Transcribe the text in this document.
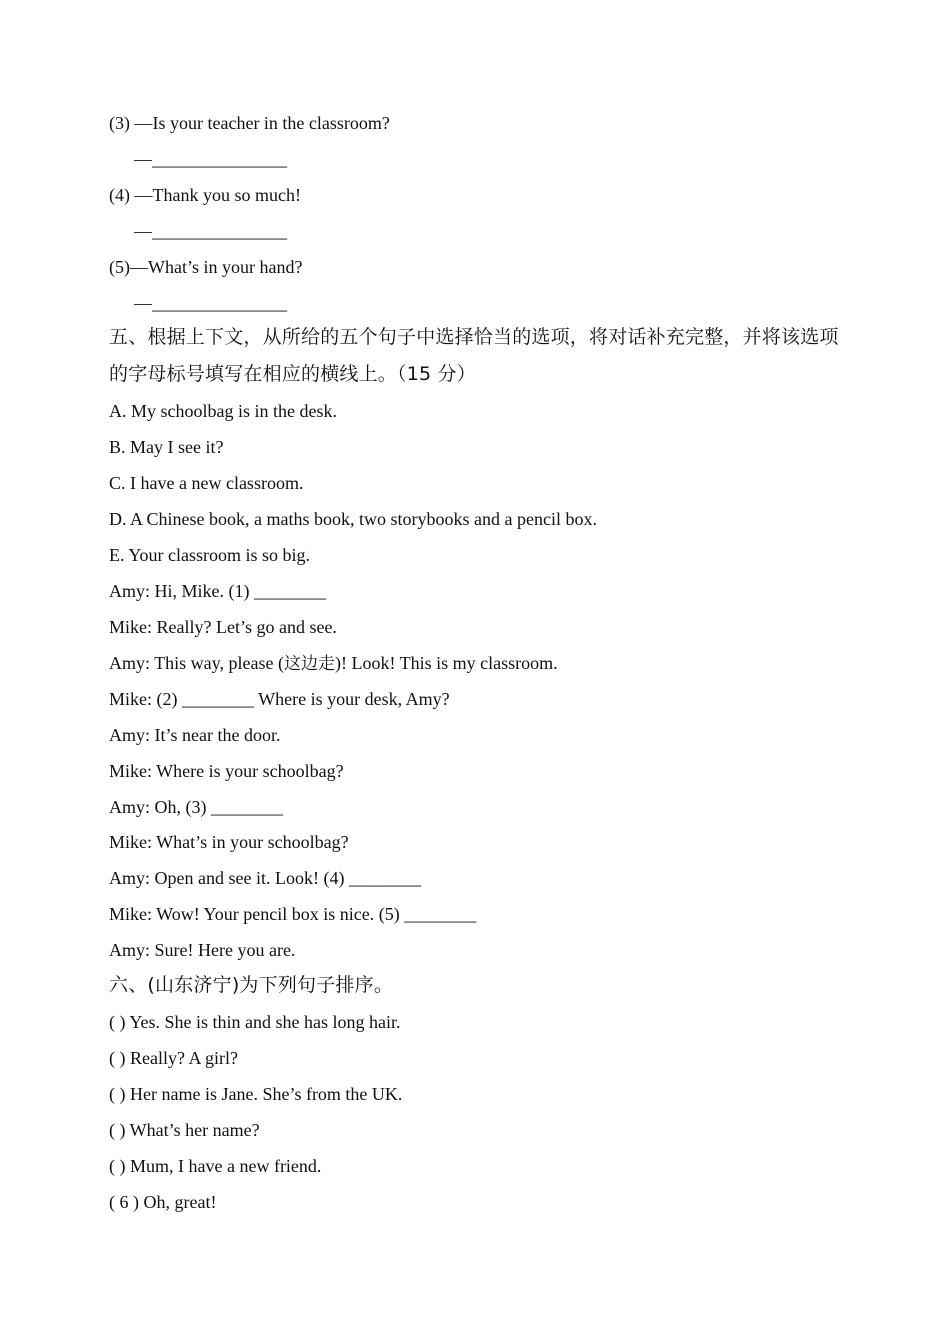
(3) —Is your teacher in the classroom?
—_______________
(4) —Thank you so much!
—_______________
(5)—What’s in your hand?
—_______________
五、根据上下文，从所给的五个句子中选择恰当的选项，将对话补充完整，并将该选项
的字母标号填写在相应的横线上。（15 分）
A. My schoolbag is in the desk.
B. May I see it?
C. I have a new classroom.
D. A Chinese book, a maths book, two storybooks and a pencil box.
E. Your classroom is so big.
Amy: Hi, Mike. (1) ________
Mike: Really? Let’s go and see.
Amy: This way, please (这边走)! Look! This is my classroom.
Mike: (2) ________ Where is your desk, Amy?
Amy: It’s near the door.
Mike: Where is your schoolbag?
Amy: Oh, (3) ________
Mike: What’s in your schoolbag?
Amy: Open and see it. Look! (4) ________
Mike: Wow! Your pencil box is nice. (5) ________
Amy: Sure! Here you are.
六、(山东济宁)为下列句子排序。
( ) Yes. She is thin and she has long hair.
( ) Really? A girl?
( ) Her name is Jane. She’s from the UK.
( ) What’s her name?
( ) Mum, I have a new friend.
( 6 ) Oh, great!
